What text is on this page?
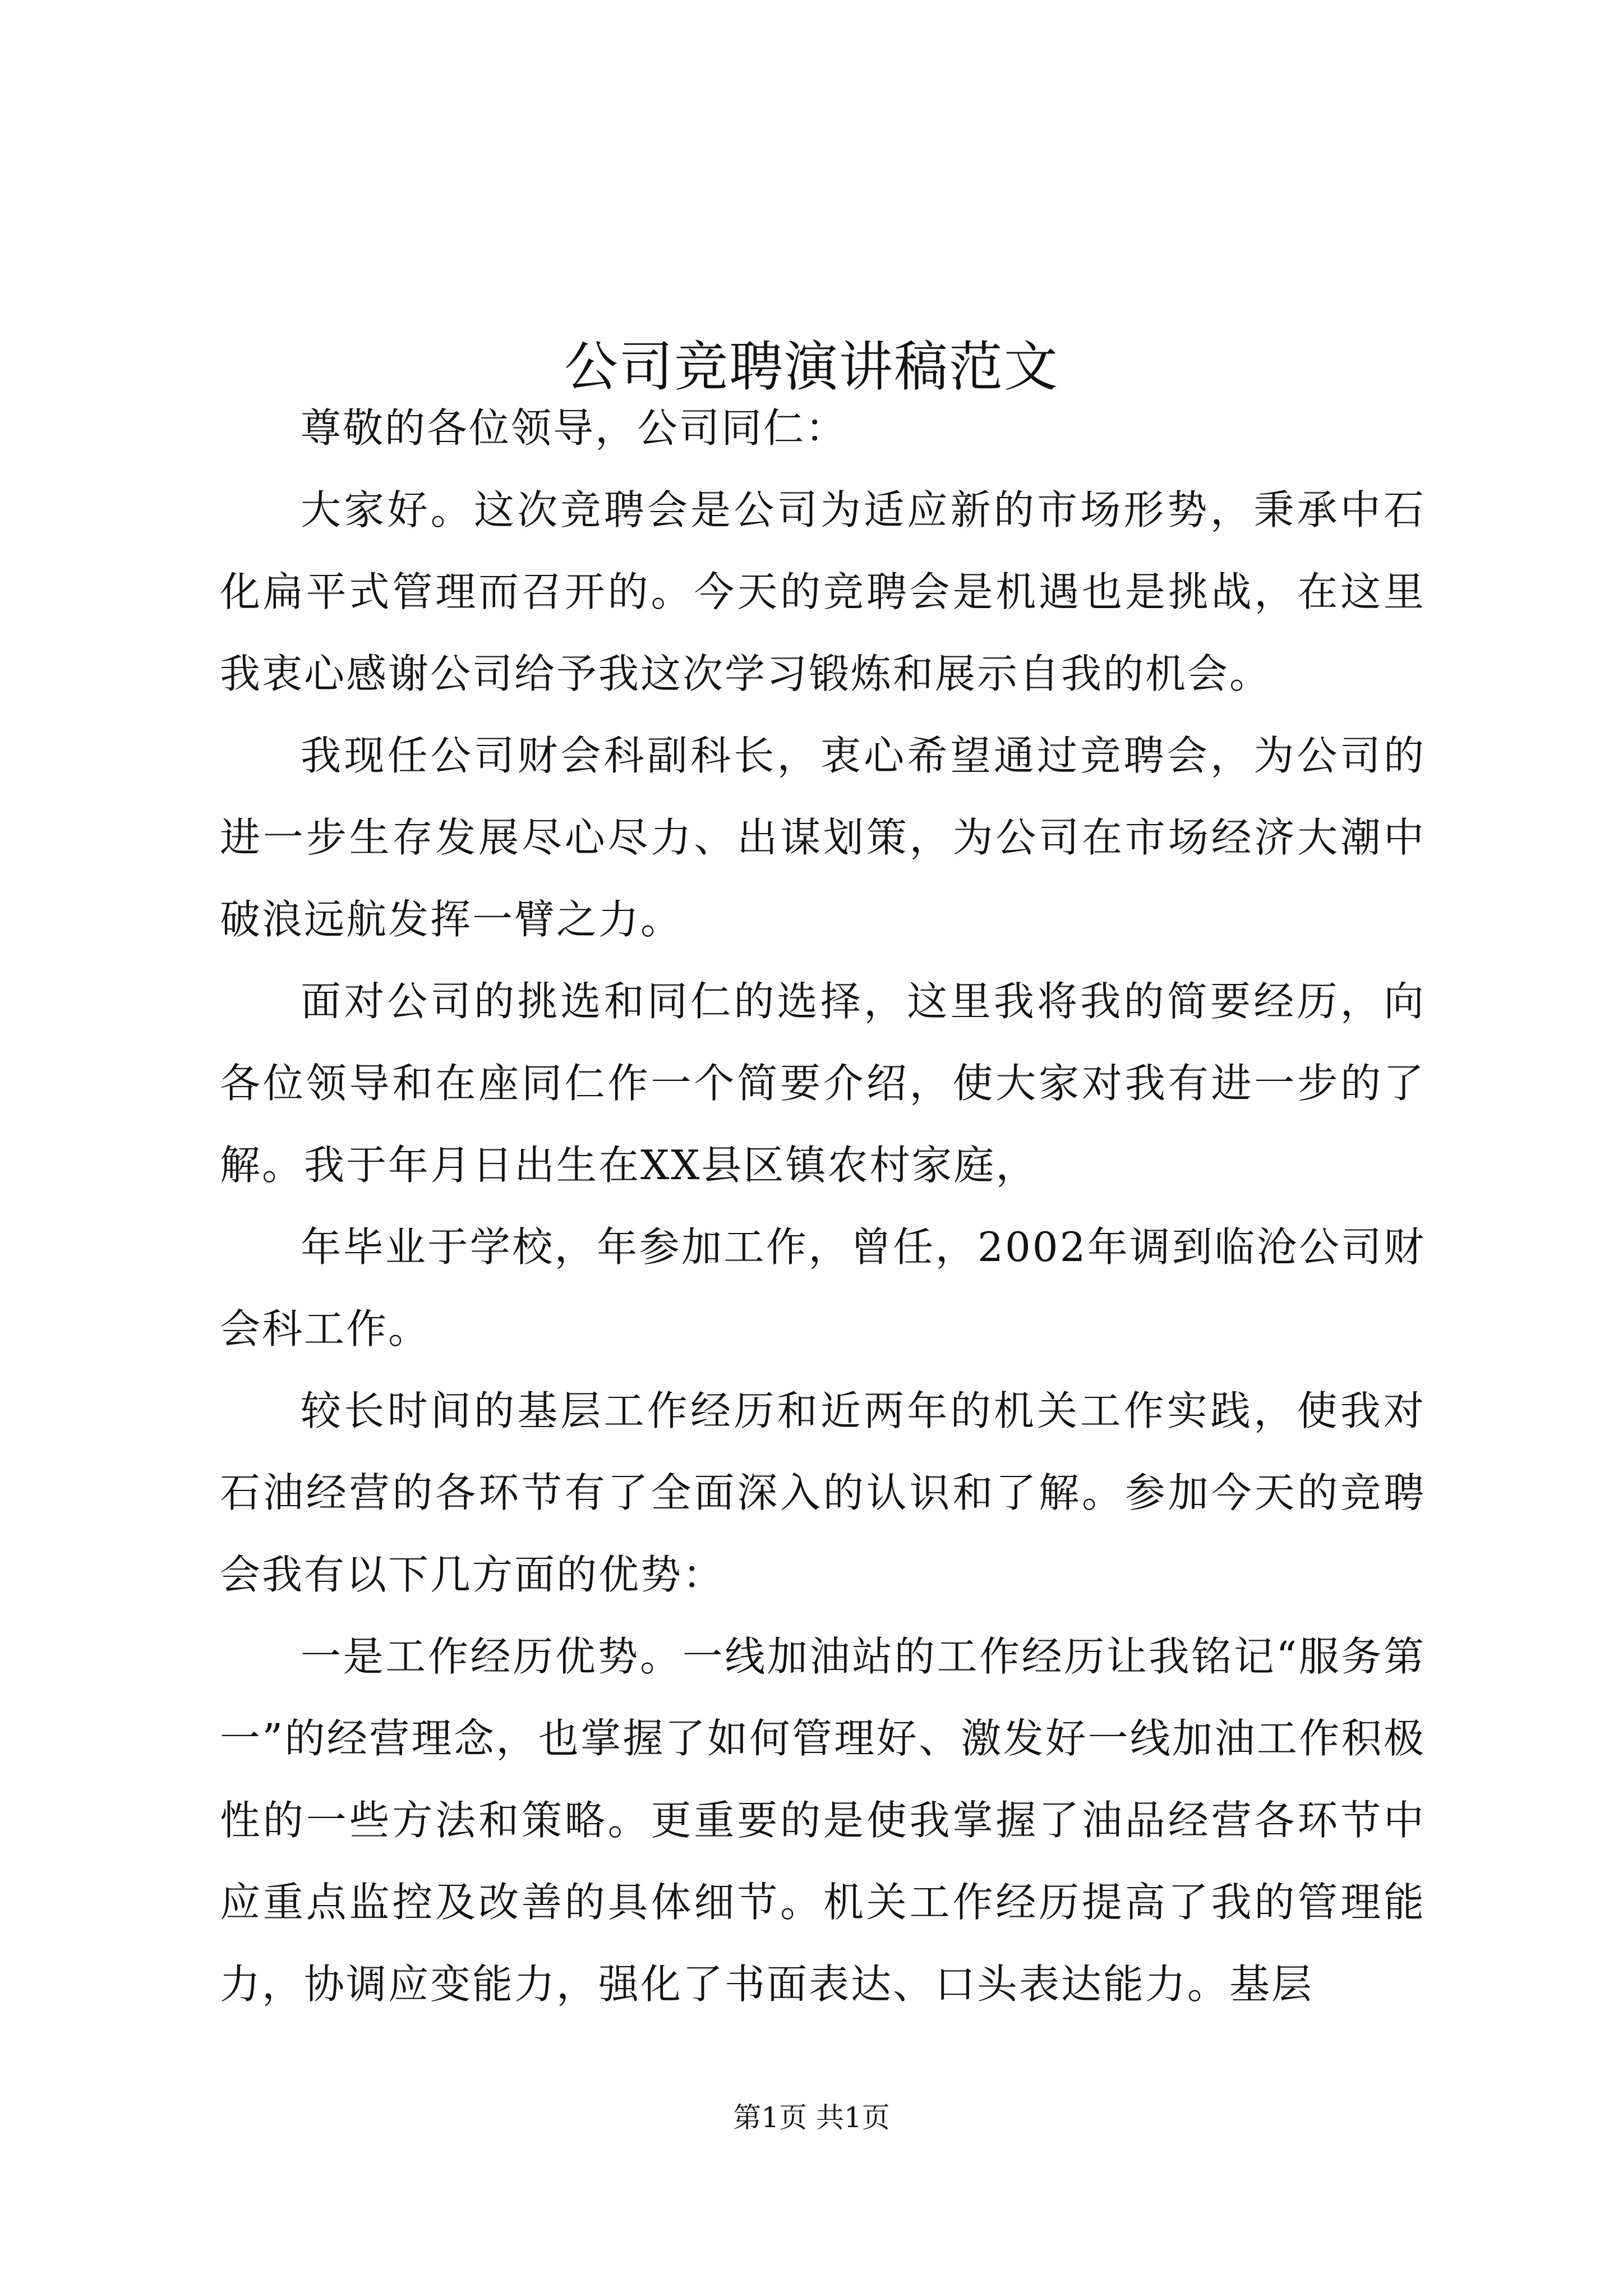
公司竞聘演讲稿范文

尊敬的各位领导，公司同仁：

大家好。这次竞聘会是公司为适应新的市场形势，秉承中石化扁平式管理而召开的。今天的竞聘会是机遇也是挑战，在这里我衷心感谢公司给予我这次学习锻炼和展示自我的机会。

我现任公司财会科副科长，衷心希望通过竞聘会，为公司的进一步生存发展尽心尽力、出谋划策，为公司在市场经济大潮中破浪远航发挥一臂之力。

面对公司的挑选和同仁的选择，这里我将我的简要经历，向各位领导和在座同仁作一个简要介绍，使大家对我有进一步的了解。我于年月日出生在XX县区镇农村家庭，

年毕业于学校，年参加工作，曾任，2002年调到临沧公司财会科工作。

较长时间的基层工作经历和近两年的机关工作实践，使我对石油经营的各环节有了全面深入的认识和了解。参加今天的竞聘会我有以下几方面的优势：

一是工作经历优势。一线加油站的工作经历让我铭记“服务第一”的经营理念，也掌握了如何管理好、激发好一线加油工作积极性的一些方法和策略。更重要的是使我掌握了油品经营各环节中应重点监控及改善的具体细节。机关工作经历提高了我的管理能力，协调应变能力，强化了书面表达、口头表达能力。基层

第1页 共1页
